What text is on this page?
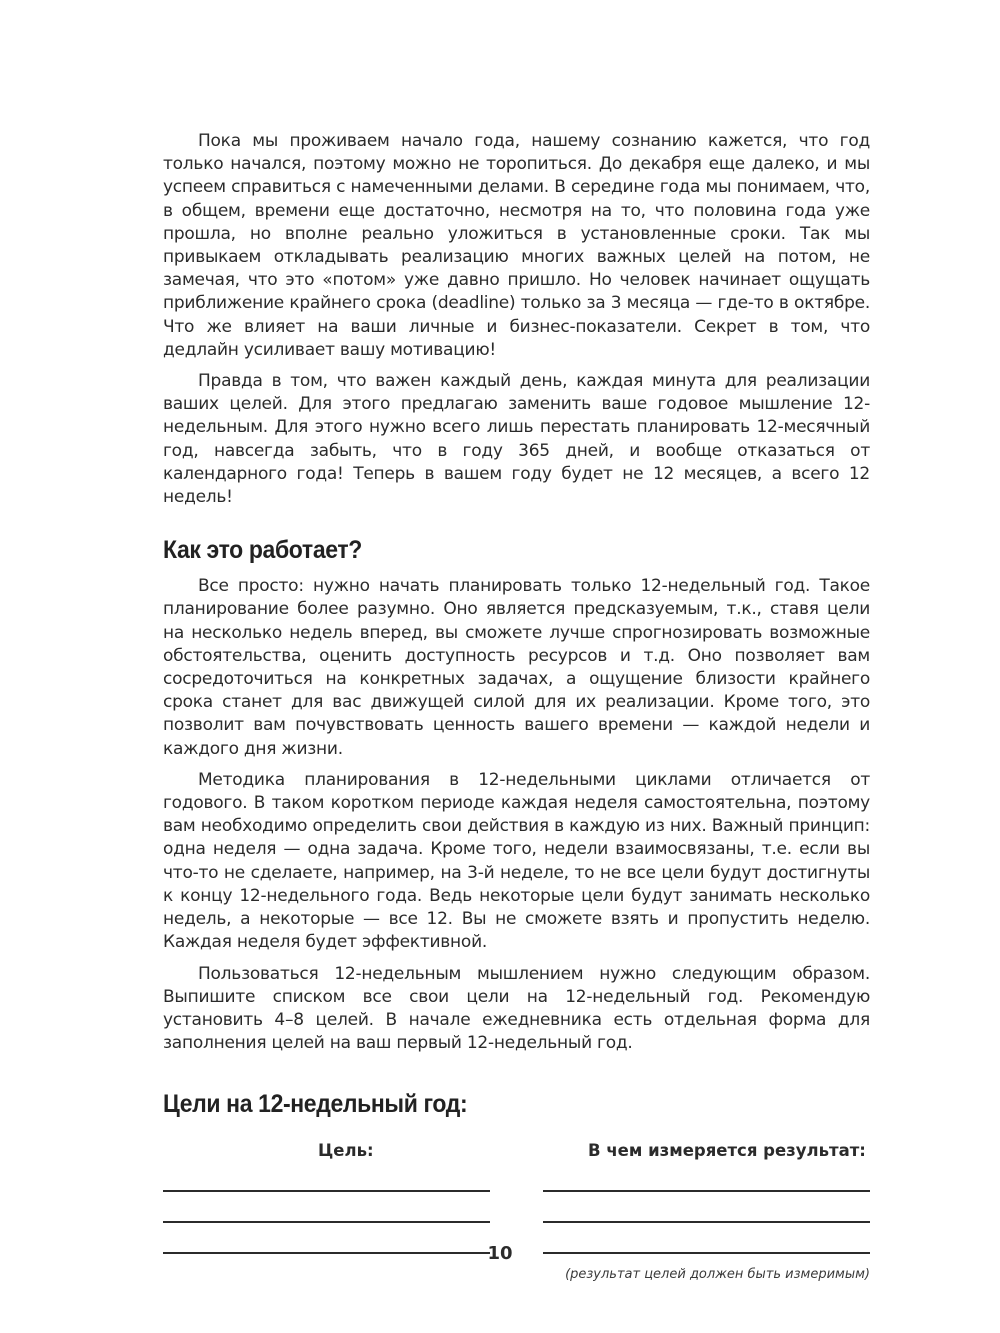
Пока мы проживаем начало года, нашему сознанию кажется, что год только начался, поэтому можно не торопиться. До декабря еще далеко, и мы успеем справиться с намеченными делами. В середине года мы понимаем, что, в общем, времени еще достаточно, несмотря на то, что половина года уже прошла, но вполне реально уложиться в установленные сроки. Так мы привыкаем откладывать реализацию многих важных целей на потом, не замечая, что это «потом» уже давно пришло. Но человек начинает ощущать приближение крайнего срока (deadline) только за 3 месяца — где-то в октябре. Что же влияет на ваши личные и бизнес-показатели. Секрет в том, что дедлайн усиливает вашу мотивацию!

Правда в том, что важен каждый день, каждая минута для реализации ваших целей. Для этого предлагаю заменить ваше годовое мышление 12-недельным. Для этого нужно всего лишь перестать планировать 12-месячный год, навсегда забыть, что в году 365 дней, и вообще отказаться от календарного года! Теперь в вашем году будет не 12 месяцев, а всего 12 недель!

Как это работает?

Все просто: нужно начать планировать только 12-недельный год. Такое планирование более разумно. Оно является предсказуемым, т.к., ставя цели на несколько недель вперед, вы сможете лучше спрогнозировать возможные обстоятельства, оценить доступность ресурсов и т.д. Оно позволяет вам сосредоточиться на конкретных задачах, а ощущение близости крайнего срока станет для вас движущей силой для их реализации. Кроме того, это позволит вам почувствовать ценность вашего времени — каждой недели и каждого дня жизни.

Методика планирования в 12-недельными циклами отличается от годового. В таком коротком периоде каждая неделя самостоятельна, поэтому вам необходимо определить свои действия в каждую из них. Важный принцип: одна неделя — одна задача. Кроме того, недели взаимосвязаны, т.е. если вы что-то не сделаете, например, на 3-й неделе, то не все цели будут достигнуты к концу 12-недельного года. Ведь некоторые цели будут занимать несколько недель, а некоторые — все 12. Вы не сможете взять и пропустить неделю. Каждая неделя будет эффективной.

Пользоваться 12-недельным мышлением нужно следующим образом. Выпишите списком все свои цели на 12-недельный год. Рекомендую установить 4–8 целей. В начале ежедневника есть отдельная форма для заполнения целей на ваш первый 12-недельный год.

Цели на 12-недельный год:
Цель:	В чем измеряется результат:
(результат целей должен быть измеримым)
10
